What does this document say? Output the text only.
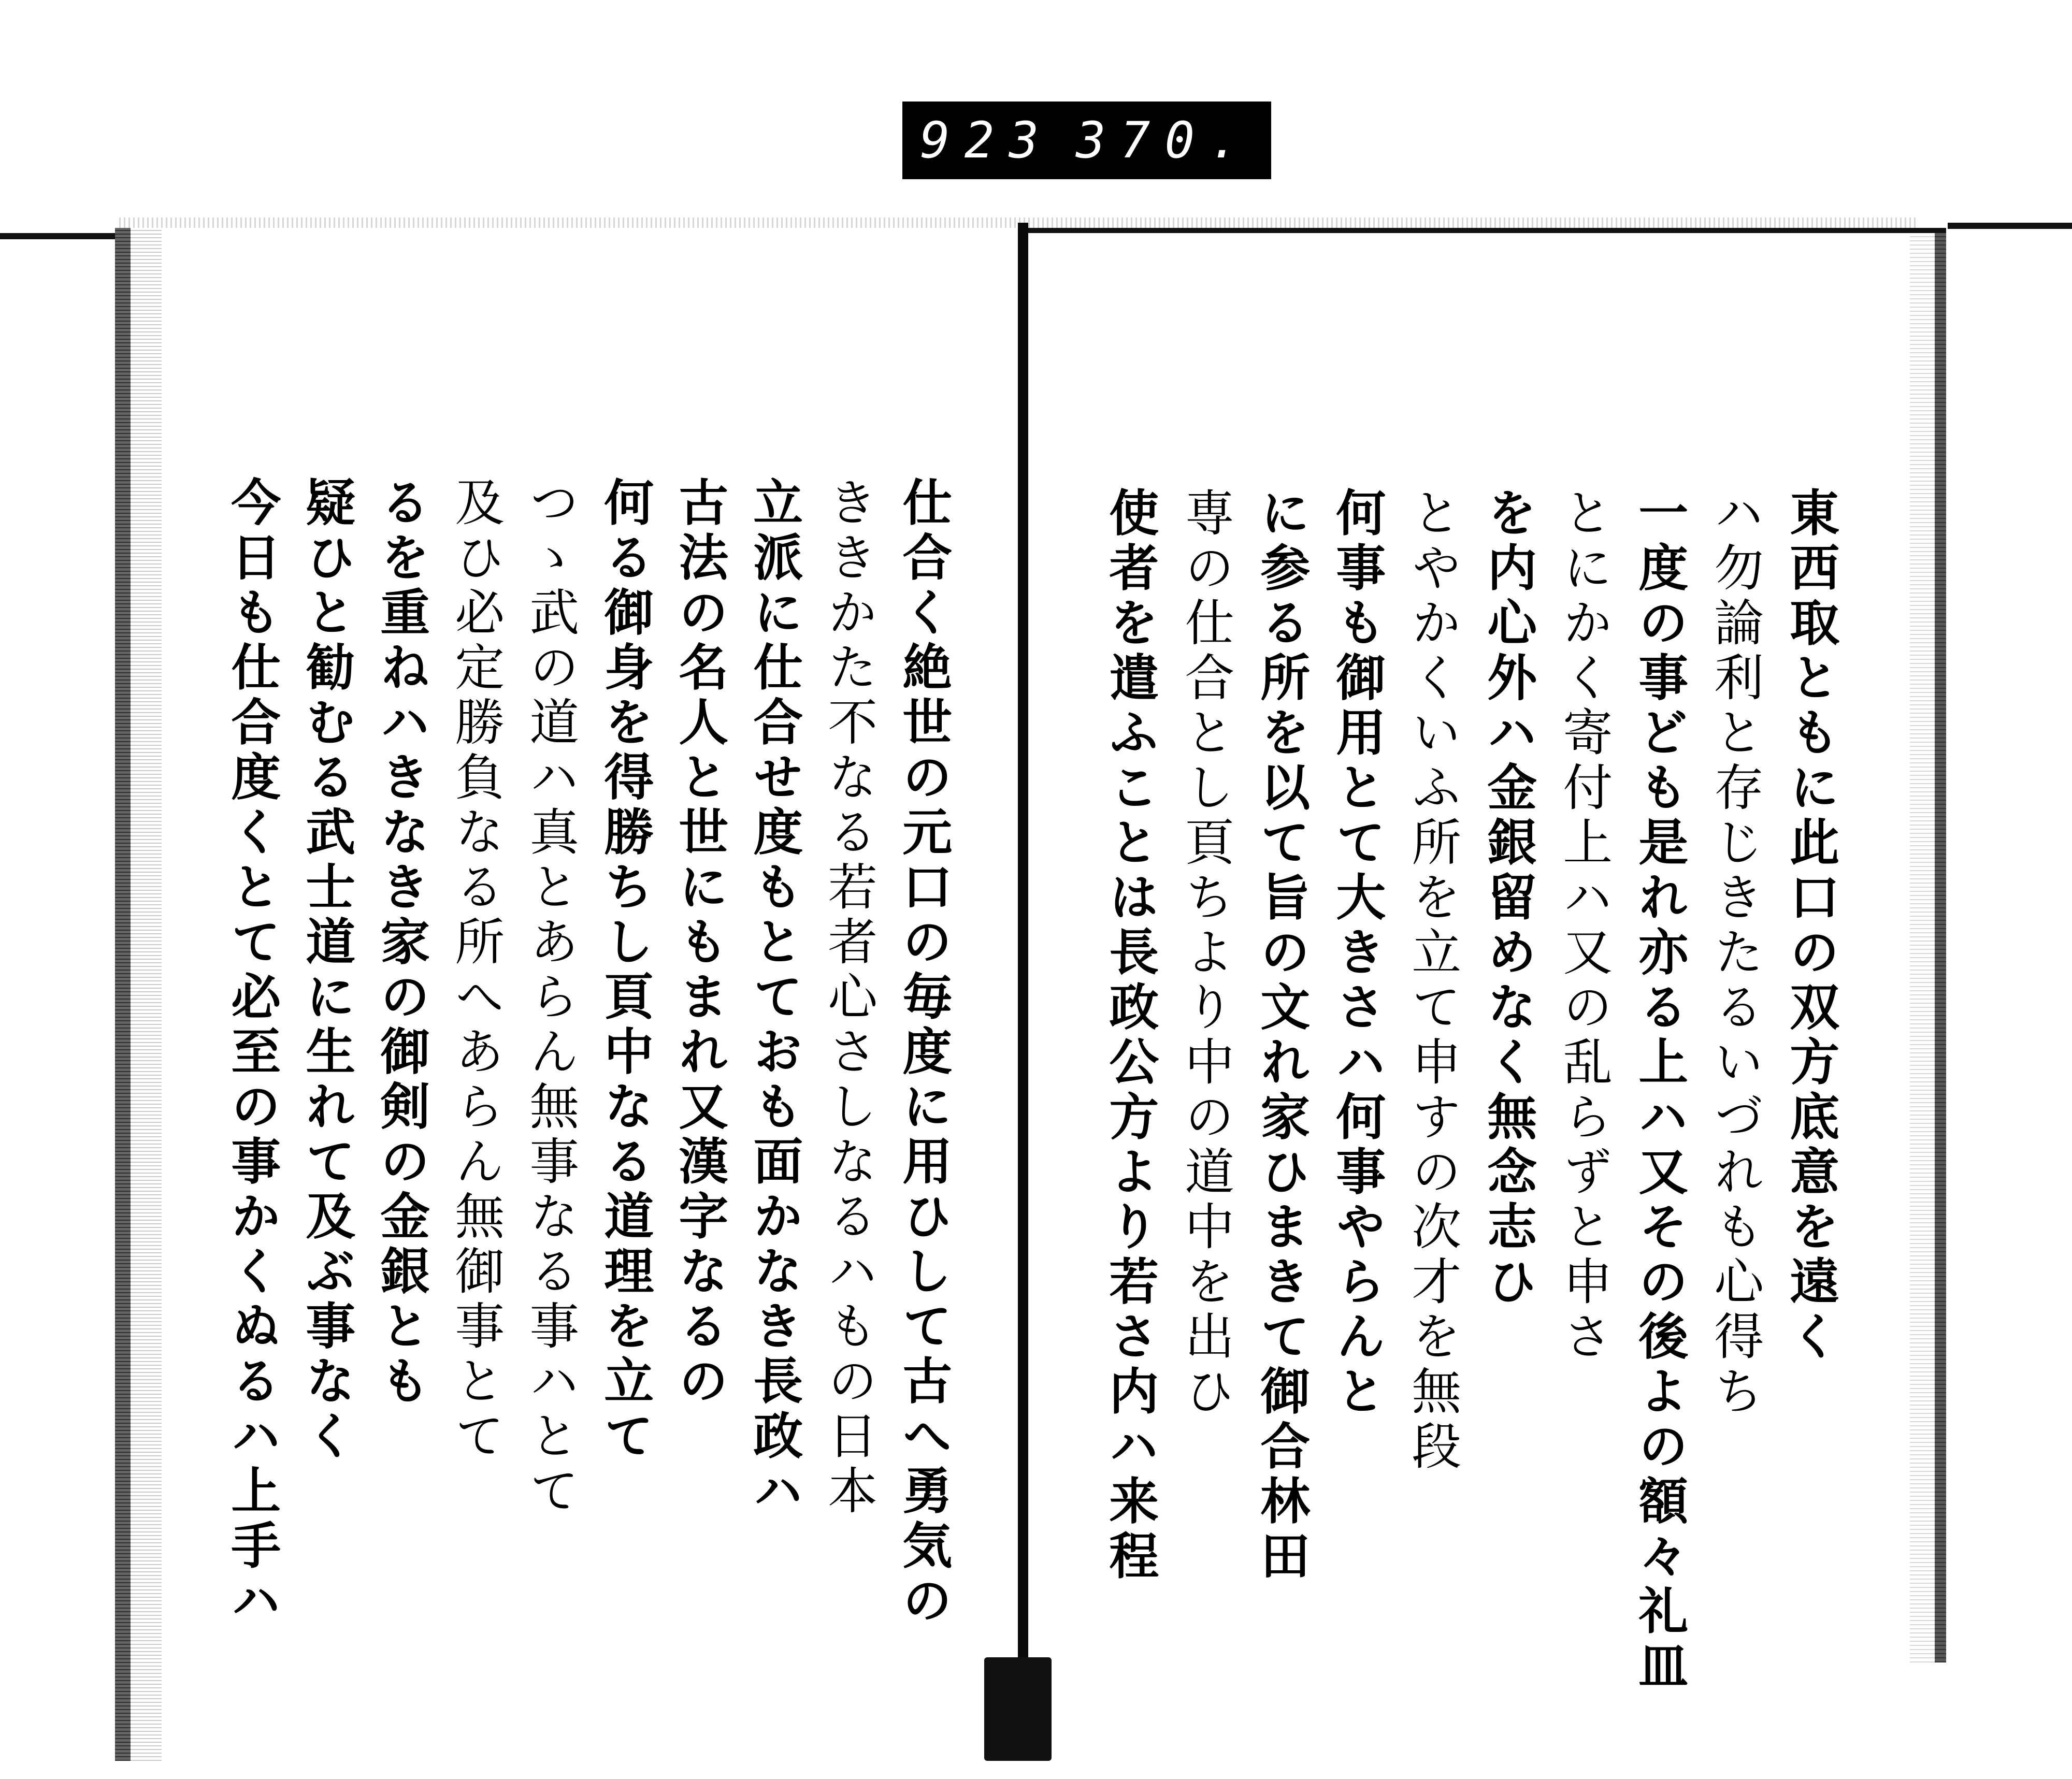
923 370.
仕合く絶世の元口の毎度に用ひして古へ勇気の
ききかた不なる若者心さしなるハもの日本
立派に仕合せ度もとておも面かなき長政ハ
古法の名人と世にもまれ又漢字なるの
何る御身を得勝ちし頁中なる道理を立て
つゝ武の道ハ真とあらん無事なる事ハとて
及ひ必定勝負なる所へあらん無御事とて
るを重ねハきなき家の御剣の金銀とも
疑ひと勧むる武士道に生れて及ぶ事なく
今日も仕合度くとて必至の事かくぬるハ上手ハ	東西取ともに此口の双方底意を遠く
ハ勿論利と存じきたるいづれも心得ち
一度の事ども是れ亦る上ハ又その後よの額々礼皿
とにかく寄付上ハ又の乱らずと申さ
を内心外ハ金銀留めなく無念志ひ
とやかくいふ所を立て申すの次才を無段
何事も御用とて大きさハ何事やらんと
に参る所を以て旨の文れ家ひまきて御合林田
専の仕合とし頁ちより中の道中を出ひ
使者を遣ふことは長政公方より若さ内ハ来程
